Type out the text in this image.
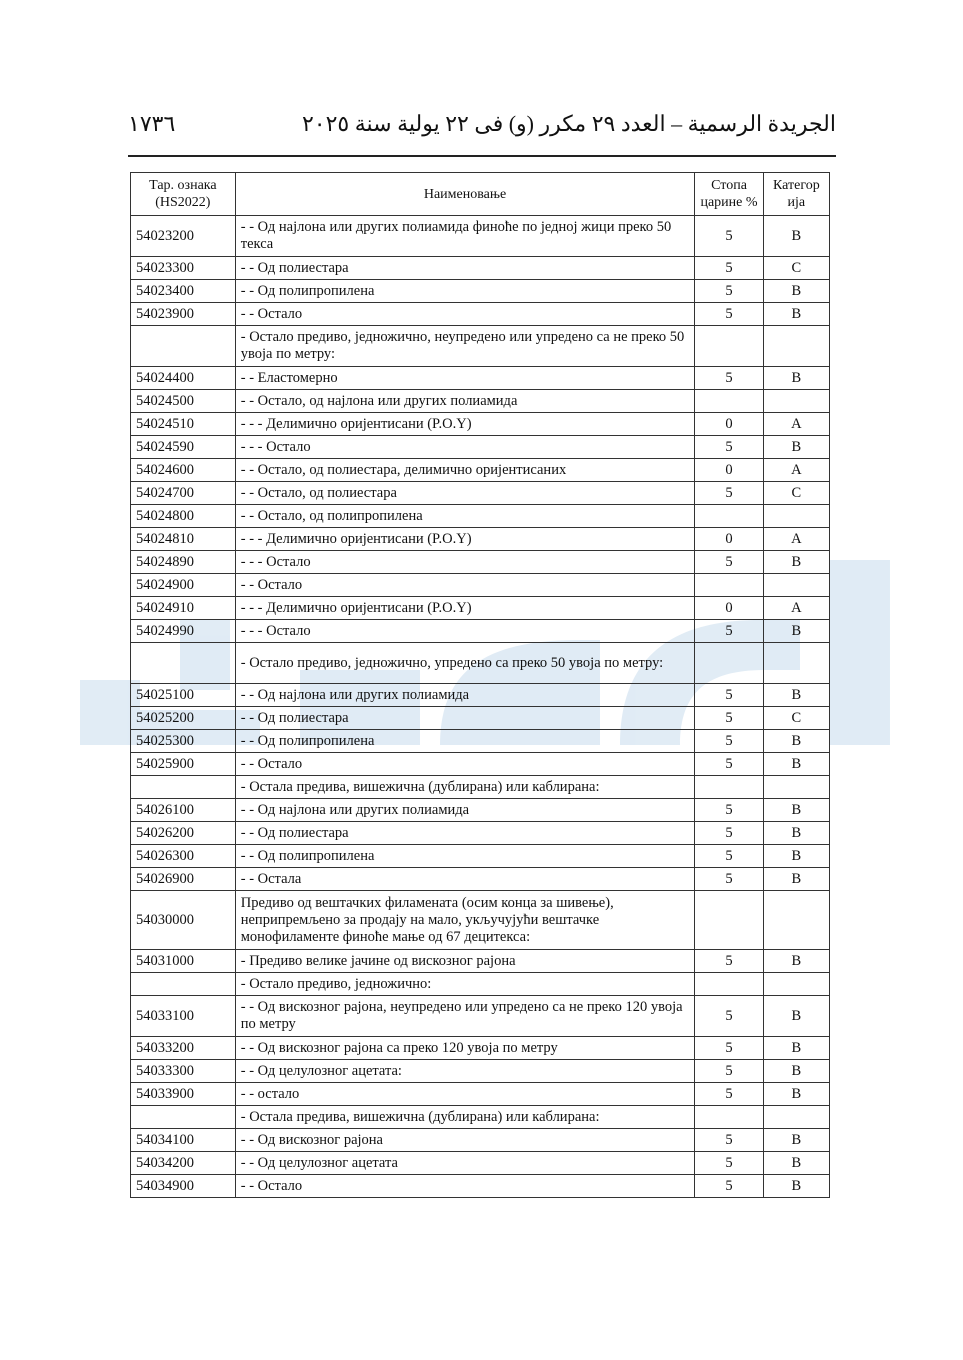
١٧٣٦	الجريدة الرسمية – العدد ٢٩ مكرر (و) فى ٢٢ يولية سنة ٢٠٢٥
Тар. ознака (HS2022)	Наименовање	Стопа царине %	Категор ија
54023200	- - Од најлона или других полиамида финоће по једној жици преко 50 текса	5	B
54023300	- - Од полиестара	5	C
54023400	- - Од полипропилена	5	B
54023900	- - Остало	5	B
	- Остало предиво, једножично, неупредено или упредено са не преко 50 увоја по метру:		
54024400	- - Еластомерно	5	B
54024500	- - Остало, од најлона или других полиамида		
54024510	- - - Делимично оријентисани (P.O.Y)	0	A
54024590	- - - Остало	5	B
54024600	- - Остало, од полиестара, делимично оријентисаних	0	A
54024700	- - Остало, од полиестара	5	C
54024800	- - Остало, од полипропилена		
54024810	- - - Делимично оријентисани (P.O.Y)	0	A
54024890	- - - Остало	5	B
54024900	- - Остало		
54024910	- - - Делимично оријентисани (P.O.Y)	0	A
54024990	- - - Остало	5	B
	- Остало предиво, једножично, упредено са преко 50 увоја по метру:		
54025100	- - Од најлона или других полиамида	5	B
54025200	- - Од полиестара	5	C
54025300	- - Од полипропилена	5	B
54025900	- - Остало	5	B
	- Остала предива, вишежична (дублирана) или каблирана:		
54026100	- - Од најлона или других полиамида	5	B
54026200	- - Од полиестара	5	B
54026300	- - Од полипропилена	5	B
54026900	- - Остала	5	B
54030000	Предиво од вештачких филамената (осим конца за шивење), неприпремљено за продају на мало, укључујући вештачке монофиламенте финоће мање од 67 децитекса:		
54031000	- Предиво велике јачине од вискозног рајона	5	B
	- Остало предиво, једножично:		
54033100	- - Од вискозног рајона, неупредено или упредено са не преко 120 увоја по метру	5	B
54033200	- - Од вискозног рајона са преко 120 увоја по метру	5	B
54033300	- - Од целулозног ацетата:	5	B
54033900	- - остало	5	B
	- Остала предива, вишежична (дублирана) или каблирана:		
54034100	- - Од вискозног рајона	5	B
54034200	- - Од целулозног ацетата	5	B
54034900	- - Остало	5	B
